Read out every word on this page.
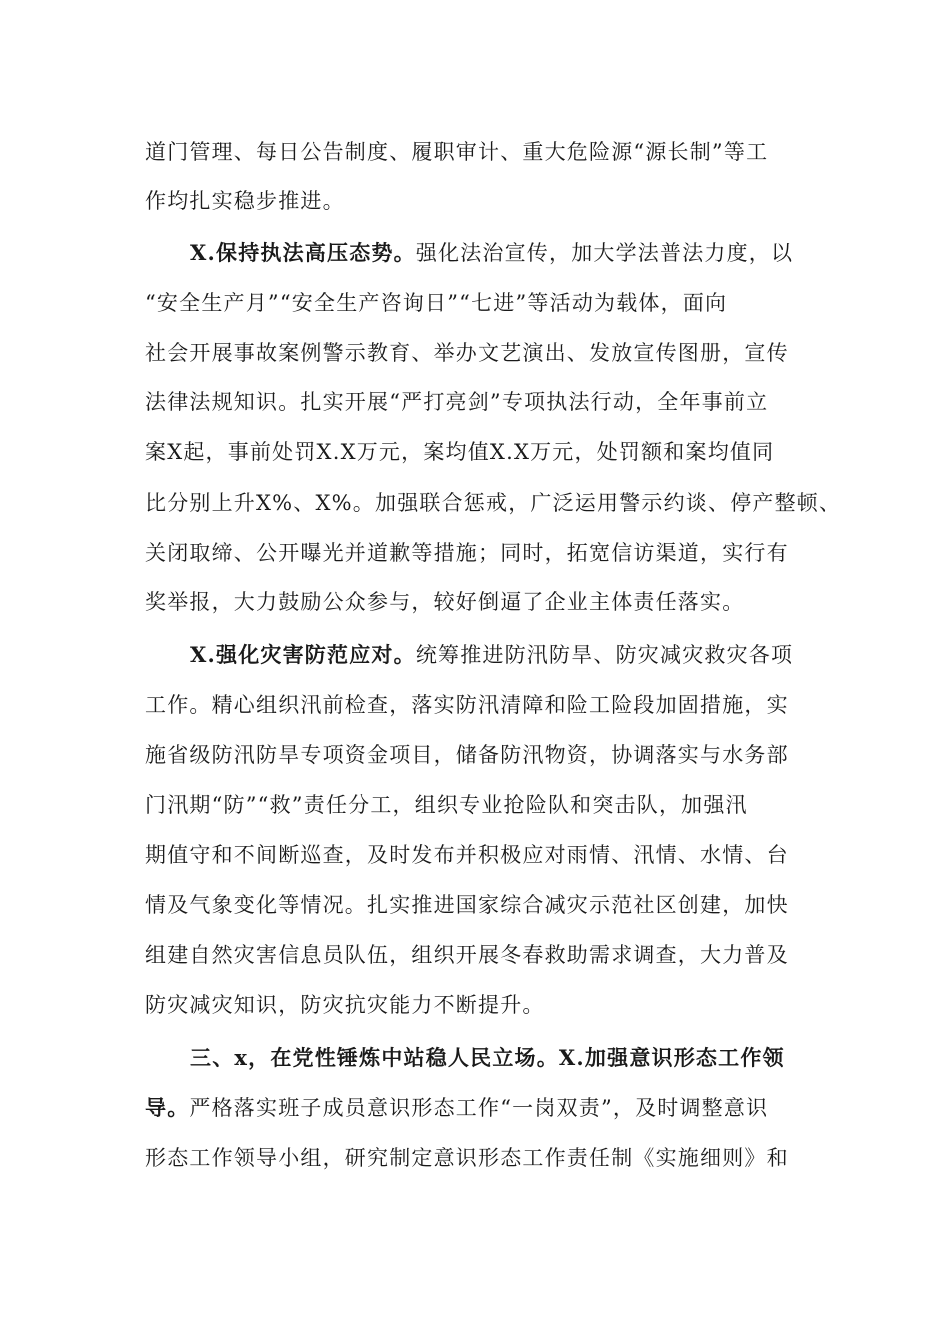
道门管理、每日公告制度、履职审计、重大危险源“源长制”等工
作均扎实稳步推进。
X.保持执法高压态势。强化法治宣传，加大学法普法力度，以
“安全生产月”“安全生产咨询日”“七进”等活动为载体，面向
社会开展事故案例警示教育、举办文艺演出、发放宣传图册，宣传
法律法规知识。扎实开展“严打亮剑”专项执法行动，全年事前立
案X起，事前处罚X.X万元，案均值X.X万元，处罚额和案均值同
比分别上升X%、X%。加强联合惩戒，广泛运用警示约谈、停产整顿、
关闭取缔、公开曝光并道歉等措施；同时，拓宽信访渠道，实行有
奖举报，大力鼓励公众参与，较好倒逼了企业主体责任落实。
X.强化灾害防范应对。统筹推进防汛防旱、防灾减灾救灾各项
工作。精心组织汛前检查，落实防汛清障和险工险段加固措施，实
施省级防汛防旱专项资金项目，储备防汛物资，协调落实与水务部
门汛期“防”“救”责任分工，组织专业抢险队和突击队，加强汛
期值守和不间断巡查，及时发布并积极应对雨情、汛情、水情、台
情及气象变化等情况。扎实推进国家综合减灾示范社区创建，加快
组建自然灾害信息员队伍，组织开展冬春救助需求调查，大力普及
防灾减灾知识，防灾抗灾能力不断提升。
三、x，在党性锤炼中站稳人民立场。X.加强意识形态工作领
导。严格落实班子成员意识形态工作“一岗双责”，及时调整意识
形态工作领导小组，研究制定意识形态工作责任制《实施细则》和
